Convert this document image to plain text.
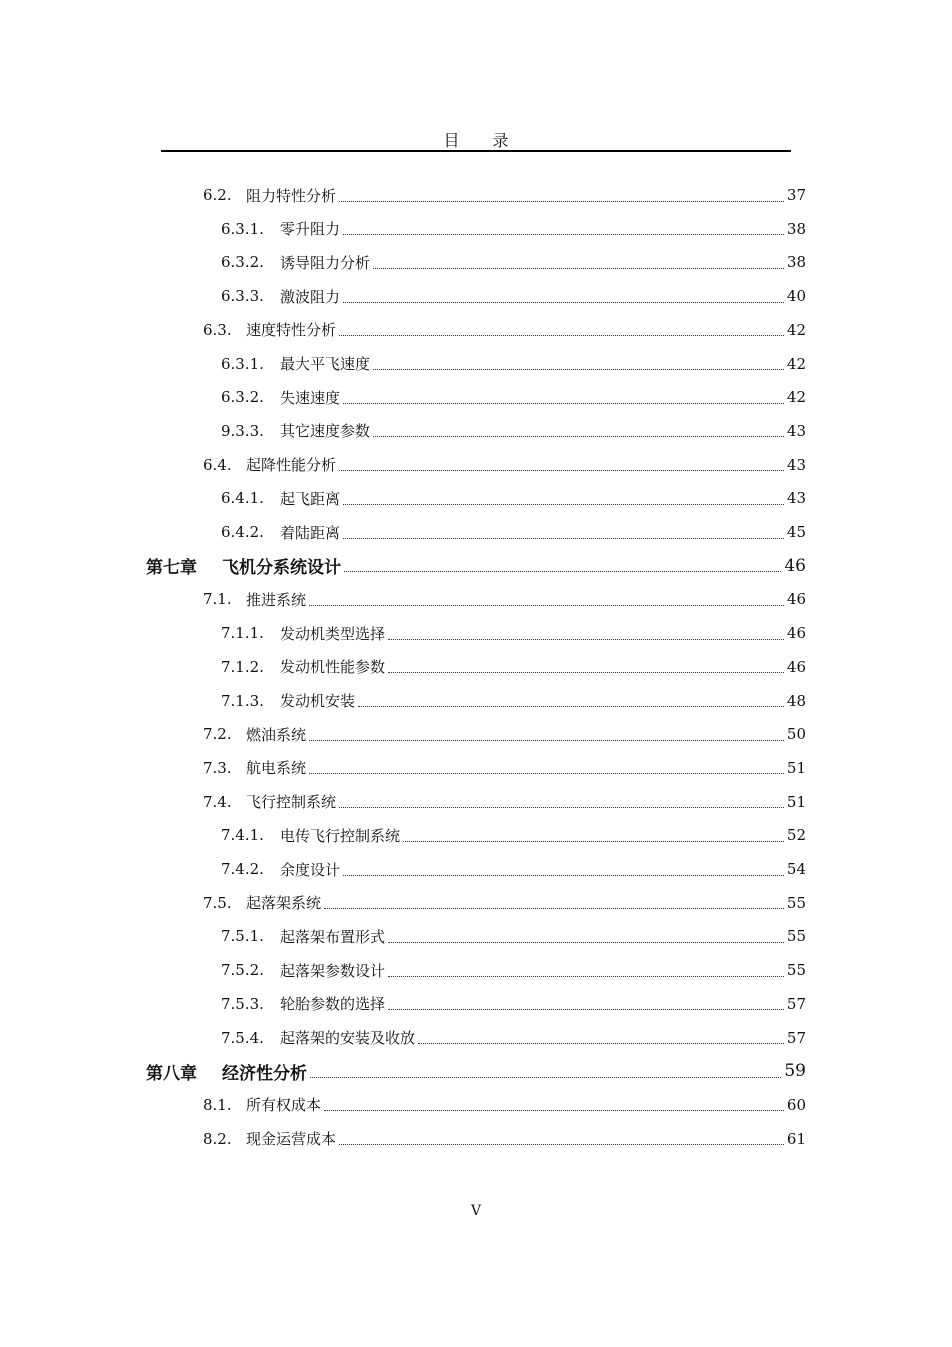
目 录
6.2. 阻力特性分析	37
6.3.1.	零升阻力	38
6.3.2.	诱导阻力分析	38
6.3.3.	激波阻力	40
6.3. 速度特性分析	42
6.3.1.	最大平飞速度	42
6.3.2.	失速速度	42
9.3.3.	其它速度参数	43
6.4. 起降性能分析	43
6.4.1.	起飞距离	43
6.4.2.	着陆距离	45
第七章	飞机分系统设计	46
7.1. 推进系统	46
7.1.1.	发动机类型选择	46
7.1.2.	发动机性能参数	46
7.1.3.	发动机安装	48
7.2. 燃油系统	50
7.3. 航电系统	51
7.4. 飞行控制系统	51
7.4.1.	电传飞行控制系统	52
7.4.2.	余度设计	54
7.5. 起落架系统	55
7.5.1.	起落架布置形式	55
7.5.2.	起落架参数设计	55
7.5.3.	轮胎参数的选择	57
7.5.4.	起落架的安装及收放	57
第八章	经济性分析	59
8.1. 所有权成本	60
8.2. 现金运营成本	61
V
